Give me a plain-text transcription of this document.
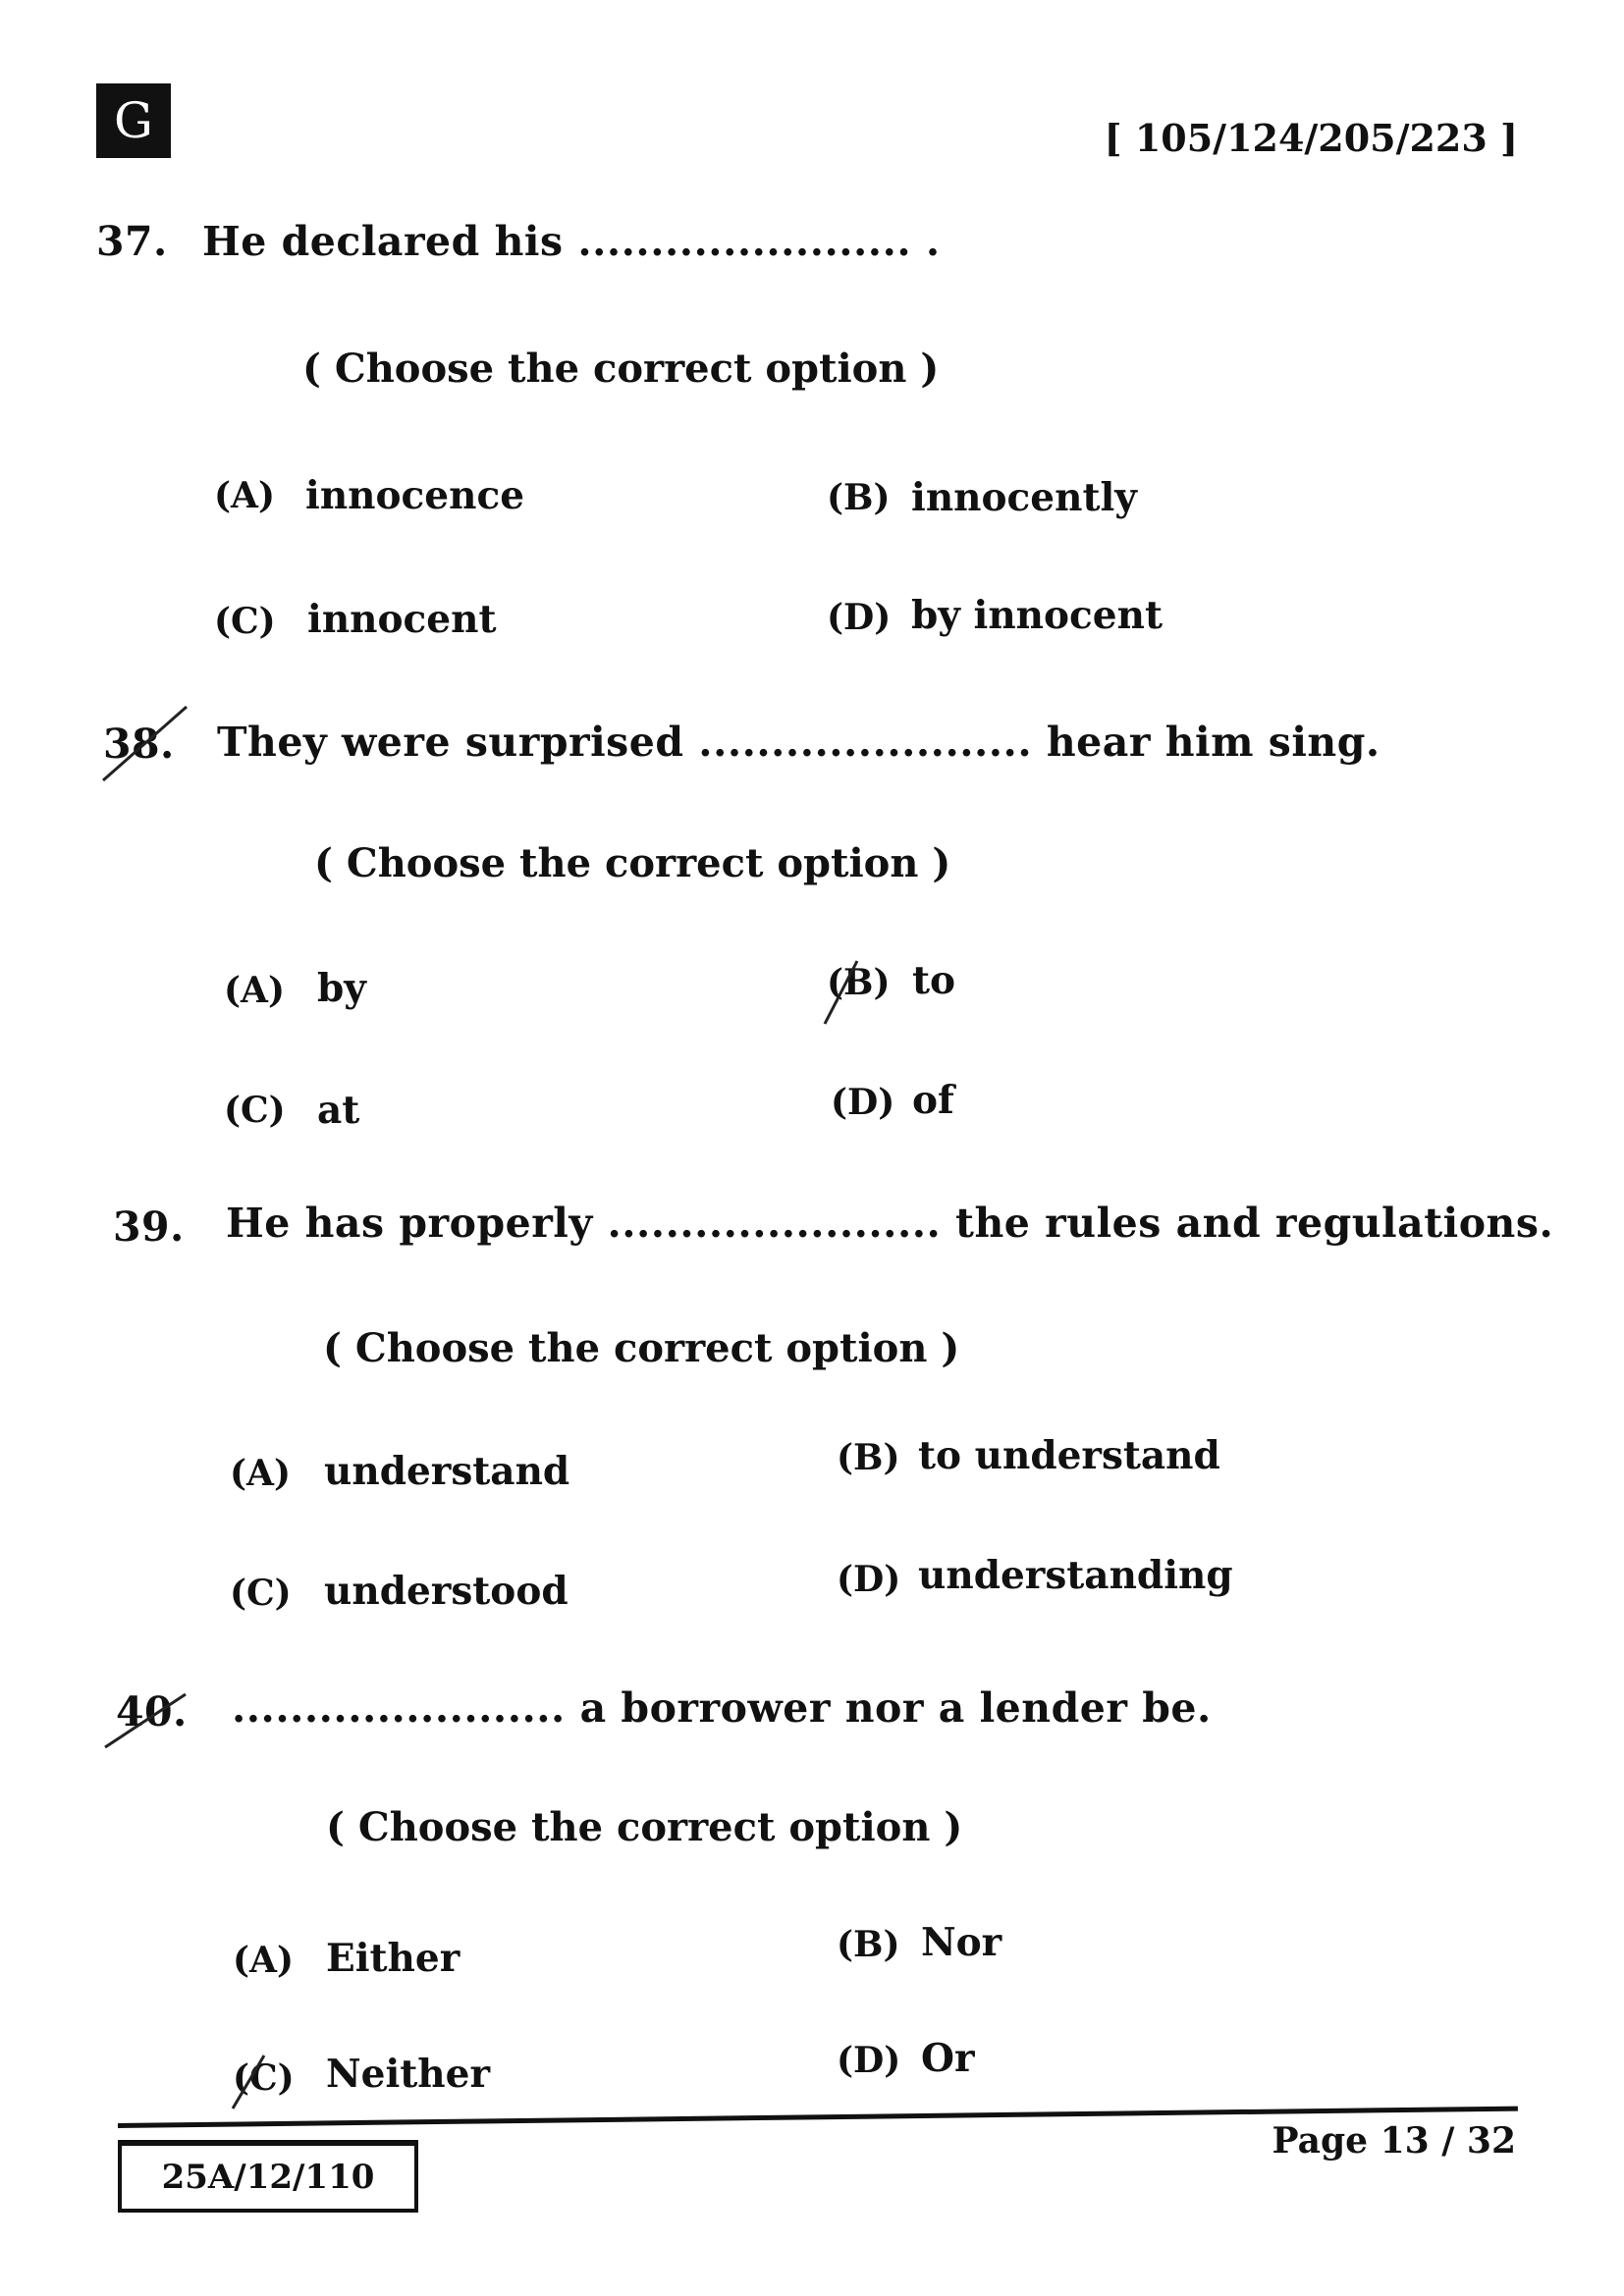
G	[ 105/124/205/223 ]
37. He declared his ....................... .
( Choose the correct option )
(A) innocence	(B) innocently
(C) innocent	(D) by innocent
38. They were surprised ....................... hear him sing.
( Choose the correct option )
(A) by	(B) to
(C) at	(D) of
39. He has properly ....................... the rules and regulations.
( Choose the correct option )
(A) understand	(B) to understand
(C) understood	(D) understanding
40. ....................... a borrower nor a lender be.
( Choose the correct option )
(A) Either	(B) Nor
(C) Neither	(D) Or
25A/12/110
Page 13 / 32
